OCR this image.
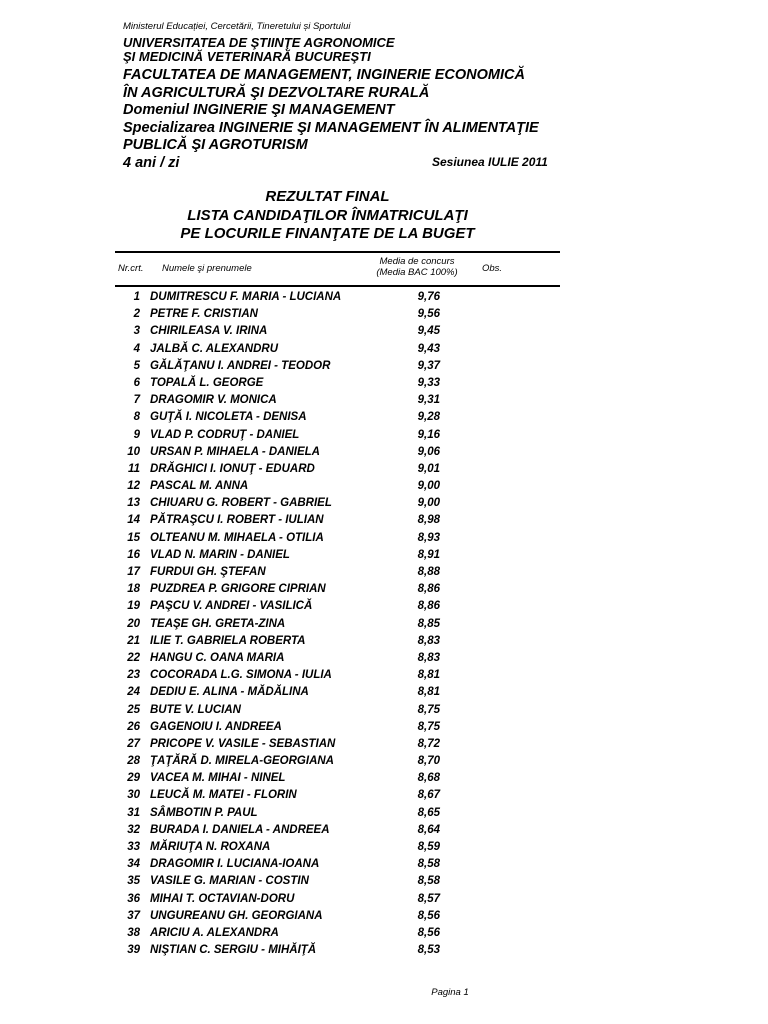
Ministerul Educației, Cercetării, Tineretului și Sportului
UNIVERSITATEA DE ŞTIINŢE AGRONOMICE
ŞI MEDICINĂ VETERINARĂ BUCUREŞTI
FACULTATEA DE MANAGEMENT, INGINERIE ECONOMICĂ
ÎN AGRICULTURĂ ŞI DEZVOLTARE RURALĂ
Domeniul INGINERIE ŞI MANAGEMENT
Specializarea INGINERIE ŞI MANAGEMENT ÎN ALIMENTAŢIE
PUBLICĂ ŞI AGROTURISM
4 ani / zi	Sesiunea IULIE 2011
REZULTAT FINAL
LISTA CANDIDAŢILOR ÎNMATRICULAŢI
PE LOCURILE FINANŢATE DE LA BUGET
Nr.crt. Numele şi prenumele
Media de concurs
(Media BAC 100%)	Obs.
1 DUMITRESCU F. MARIA - LUCIANA	9,76
2 PETRE F. CRISTIAN	9,56
3 CHIRILEASA V. IRINA	9,45
4 JALBĂ C. ALEXANDRU	9,43
5 GĂLĂŢANU I. ANDREI - TEODOR	9,37
6 TOPALĂ L. GEORGE	9,33
7 DRAGOMIR V. MONICA	9,31
8 GUŢĂ I. NICOLETA - DENISA	9,28
9 VLAD P. CODRUŢ - DANIEL	9,16
10 URSAN P. MIHAELA - DANIELA	9,06
11 DRĂGHICI I. IONUŢ - EDUARD	9,01
12 PASCAL M. ANNA	9,00
13 CHIUARU G. ROBERT - GABRIEL	9,00
14 PĂTRAŞCU I. ROBERT - IULIAN	8,98
15 OLTEANU M. MIHAELA - OTILIA	8,93
16 VLAD N. MARIN - DANIEL	8,91
17 FURDUI GH. ŞTEFAN	8,88
18 PUZDREA P. GRIGORE CIPRIAN	8,86
19 PAŞCU V. ANDREI - VASILICĂ	8,86
20 TEAŞE GH. GRETA-ZINA	8,85
21 ILIE T. GABRIELA ROBERTA	8,83
22 HANGU C. OANA MARIA	8,83
23 COCORADA L.G. SIMONA - IULIA	8,81
24 DEDIU E. ALINA - MĂDĂLINA	8,81
25 BUTE V. LUCIAN	8,75
26 GAGENOIU I. ANDREEA	8,75
27 PRICOPE V. VASILE - SEBASTIAN	8,72
28 ŢAŢĂRĂ D. MIRELA-GEORGIANA	8,70
29 VACEA M. MIHAI - NINEL	8,68
30 LEUCĂ M. MATEI - FLORIN	8,67
31 SÂMBOTIN P. PAUL	8,65
32 BURADA I. DANIELA - ANDREEA	8,64
33 MĂRIUŢA N. ROXANA	8,59
34 DRAGOMIR I. LUCIANA-IOANA	8,58
35 VASILE G. MARIAN - COSTIN	8,58
36 MIHAI T. OCTAVIAN-DORU	8,57
37 UNGUREANU GH. GEORGIANA	8,56
38 ARICIU A. ALEXANDRA	8,56
39 NIŞTIAN C. SERGIU - MIHĂIŢĂ	8,53
Pagina 1
